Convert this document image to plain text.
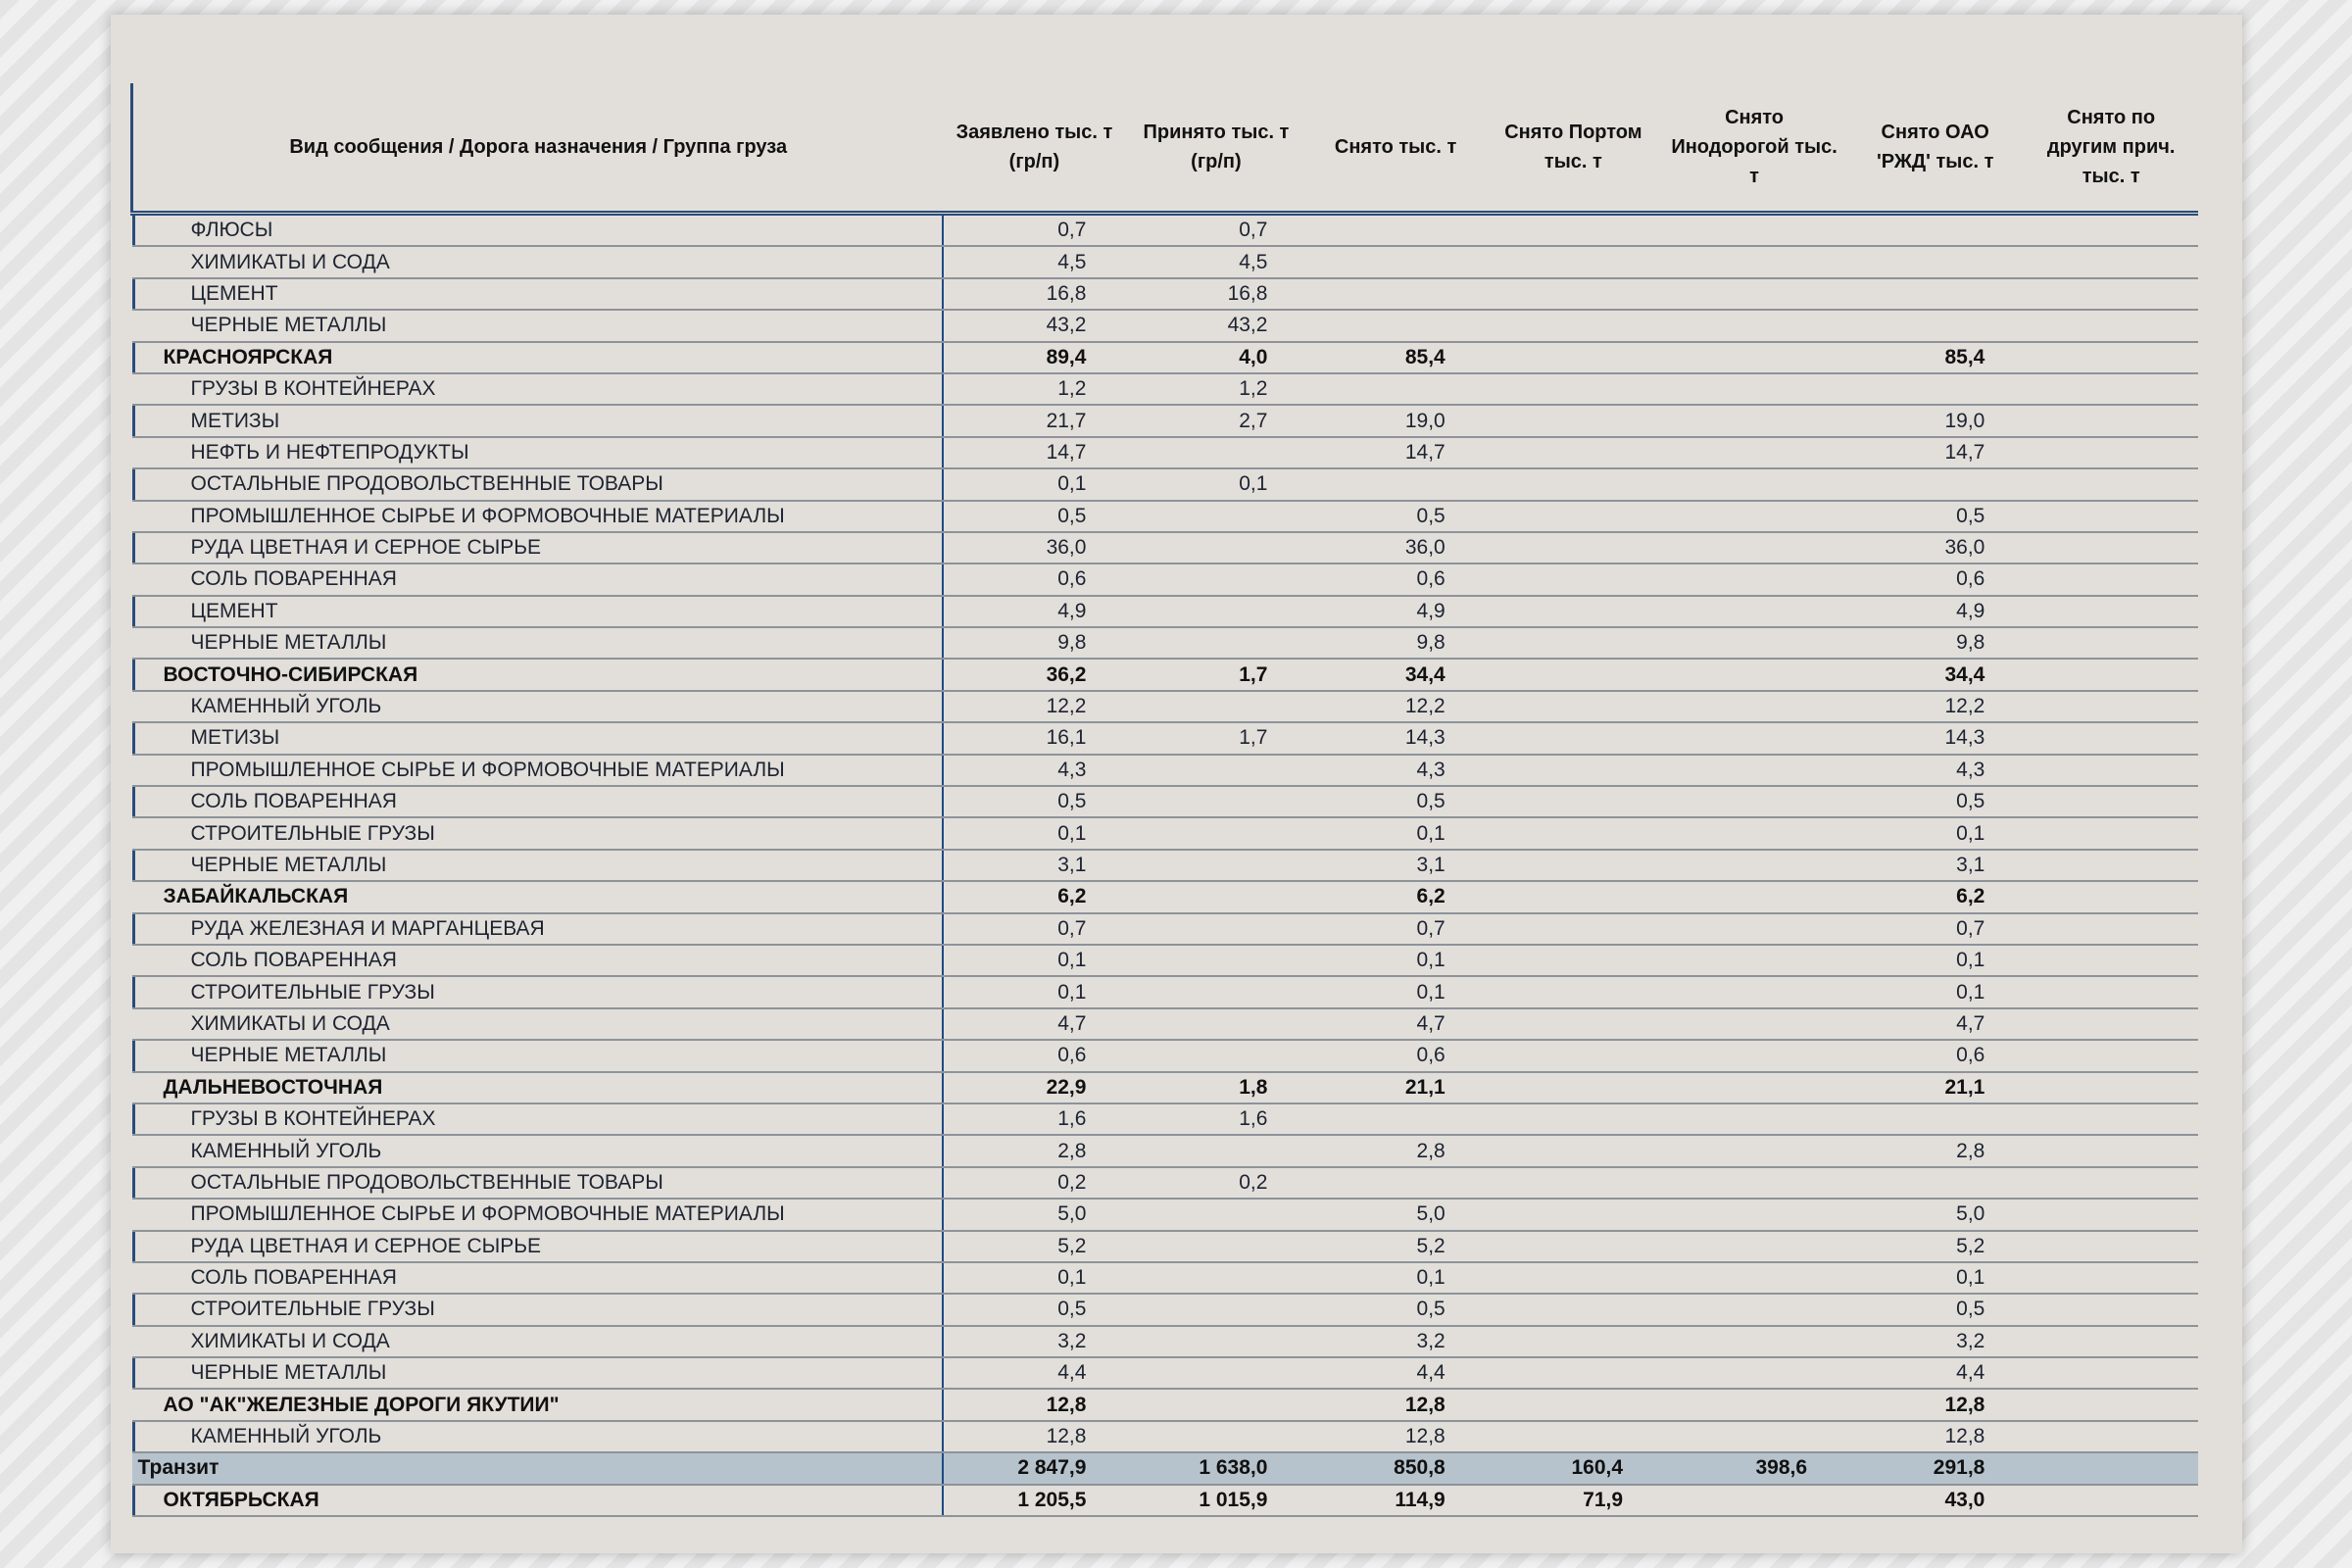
Вид сообщения / Дорога назначения / Группа груза	Заявлено тыс. т (гр/п)	Принято тыс. т (гр/п)	Снято тыс. т	Снято Портом тыс. т	Снято Инодорогой тыс. т	Снято ОАО 'РЖД' тыс. т	Снято по другим прич. тыс. т
ФЛЮСЫ	0,7	0,7					
ХИМИКАТЫ И СОДА	4,5	4,5					
ЦЕМЕНТ	16,8	16,8					
ЧЕРНЫЕ МЕТАЛЛЫ	43,2	43,2					
КРАСНОЯРСКАЯ	89,4	4,0	85,4			85,4	
ГРУЗЫ В КОНТЕЙНЕРАХ	1,2	1,2					
МЕТИЗЫ	21,7	2,7	19,0			19,0	
НЕФТЬ И НЕФТЕПРОДУКТЫ	14,7		14,7			14,7	
ОСТАЛЬНЫЕ ПРОДОВОЛЬСТВЕННЫЕ ТОВАРЫ	0,1	0,1					
ПРОМЫШЛЕННОЕ СЫРЬЕ И ФОРМОВОЧНЫЕ МАТЕРИАЛЫ	0,5		0,5			0,5	
РУДА ЦВЕТНАЯ И СЕРНОЕ СЫРЬЕ	36,0		36,0			36,0	
СОЛЬ ПОВАРЕННАЯ	0,6		0,6			0,6	
ЦЕМЕНТ	4,9		4,9			4,9	
ЧЕРНЫЕ МЕТАЛЛЫ	9,8		9,8			9,8	
ВОСТОЧНО-СИБИРСКАЯ	36,2	1,7	34,4			34,4	
КАМЕННЫЙ УГОЛЬ	12,2		12,2			12,2	
МЕТИЗЫ	16,1	1,7	14,3			14,3	
ПРОМЫШЛЕННОЕ СЫРЬЕ И ФОРМОВОЧНЫЕ МАТЕРИАЛЫ	4,3		4,3			4,3	
СОЛЬ ПОВАРЕННАЯ	0,5		0,5			0,5	
СТРОИТЕЛЬНЫЕ ГРУЗЫ	0,1		0,1			0,1	
ЧЕРНЫЕ МЕТАЛЛЫ	3,1		3,1			3,1	
ЗАБАЙКАЛЬСКАЯ	6,2		6,2			6,2	
РУДА ЖЕЛЕЗНАЯ И МАРГАНЦЕВАЯ	0,7		0,7			0,7	
СОЛЬ ПОВАРЕННАЯ	0,1		0,1			0,1	
СТРОИТЕЛЬНЫЕ ГРУЗЫ	0,1		0,1			0,1	
ХИМИКАТЫ И СОДА	4,7		4,7			4,7	
ЧЕРНЫЕ МЕТАЛЛЫ	0,6		0,6			0,6	
ДАЛЬНЕВОСТОЧНАЯ	22,9	1,8	21,1			21,1	
ГРУЗЫ В КОНТЕЙНЕРАХ	1,6	1,6					
КАМЕННЫЙ УГОЛЬ	2,8		2,8			2,8	
ОСТАЛЬНЫЕ ПРОДОВОЛЬСТВЕННЫЕ ТОВАРЫ	0,2	0,2					
ПРОМЫШЛЕННОЕ СЫРЬЕ И ФОРМОВОЧНЫЕ МАТЕРИАЛЫ	5,0		5,0			5,0	
РУДА ЦВЕТНАЯ И СЕРНОЕ СЫРЬЕ	5,2		5,2			5,2	
СОЛЬ ПОВАРЕННАЯ	0,1		0,1			0,1	
СТРОИТЕЛЬНЫЕ ГРУЗЫ	0,5		0,5			0,5	
ХИМИКАТЫ И СОДА	3,2		3,2			3,2	
ЧЕРНЫЕ МЕТАЛЛЫ	4,4		4,4			4,4	
АО "АК"ЖЕЛЕЗНЫЕ ДОРОГИ ЯКУТИИ"	12,8		12,8			12,8	
КАМЕННЫЙ УГОЛЬ	12,8		12,8			12,8	
Транзит	2 847,9	1 638,0	850,8	160,4	398,6	291,8	
ОКТЯБРЬСКАЯ	1 205,5	1 015,9	114,9	71,9		43,0	
